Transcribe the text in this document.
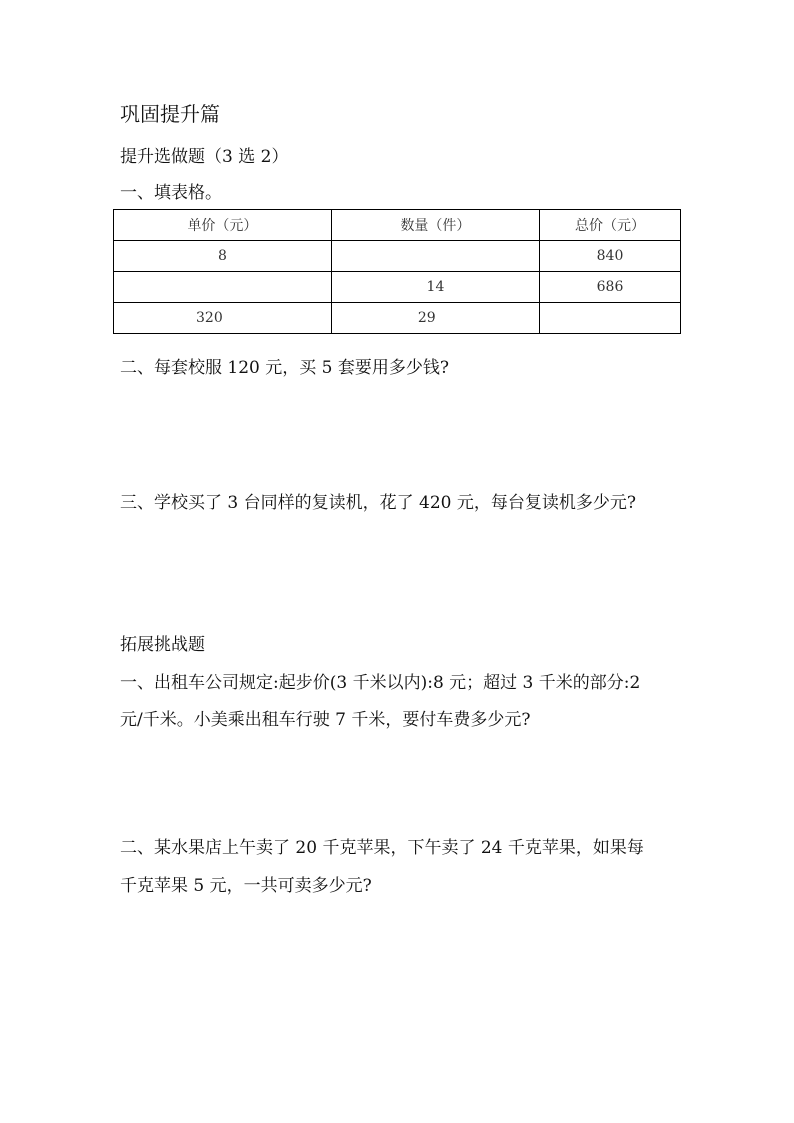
巩固提升篇
提升选做题（3 选 2）
一、填表格。
单价（元）	数量（件）	总价（元）
8		840
	14	686
320	29	
二、每套校服 120 元，买 5 套要用多少钱?
三、学校买了 3 台同样的复读机，花了 420 元，每台复读机多少元?
拓展挑战题
一、出租车公司规定:起步价(3 千米以内):8 元；超过 3 千米的部分:2
元/千米。小美乘出租车行驶 7 千米，要付车费多少元?
二、某水果店上午卖了 20 千克苹果，下午卖了 24 千克苹果，如果每
千克苹果 5 元，一共可卖多少元?
